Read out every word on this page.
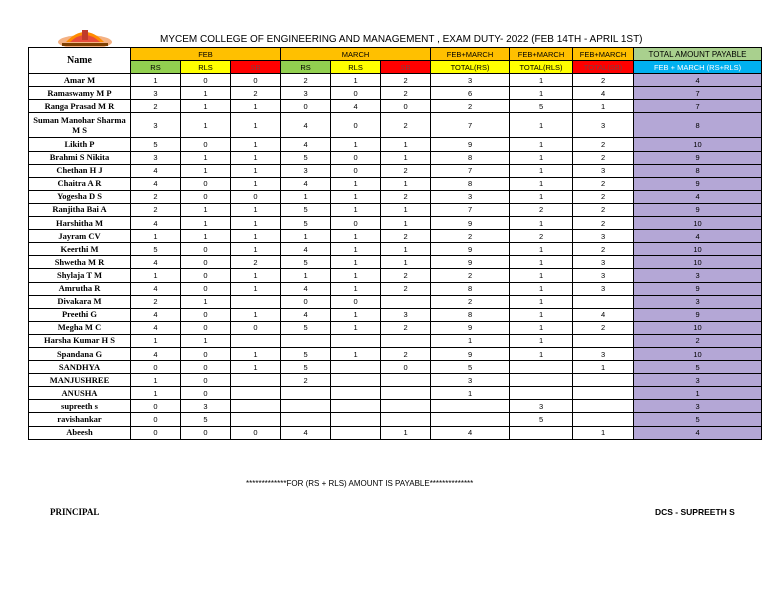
MYCEM COLLEGE OF ENGINEERING AND MANAGEMENT , EXAM DUTY- 2022 (FEB 14TH - APRIL 1ST)
Name	FEB			MARCH			FEB+MARCH	FEB+MARCH	FEB+MARCH	TOTAL AMOUNT PAYABLE
	RS	RLS	SB	RS	RLS	SB	TOTAL(RS)	TOTAL(RLS)	TOTAL(SB)	FEB + MARCH (RS+RLS)
Amar M	1	0	0	2	1	2	3	1	2	4
Ramaswamy M P	3	1	2	3	0	2	6	1	4	7
Ranga Prasad M R	2	1	1	0	4	0	2	5	1	7
Suman Manohar Sharma M S	3	1	1	4	0	2	7	1	3	8
Likith P	5	0	1	4	1	1	9	1	2	10
Brahmi S Nikita	3	1	1	5	0	1	8	1	2	9
Chethan H J	4	1	1	3	0	2	7	1	3	8
Chaitra A R	4	0	1	4	1	1	8	1	2	9
Yogesha D S	2	0	0	1	1	2	3	1	2	4
Ranjitha Bai A	2	1	1	5	1	1	7	2	2	9
Harshitha M	4	1	1	5	0	1	9	1	2	10
Jayram CV	1	1	1	1	1	2	2	2	3	4
Keerthi M	5	0	1	4	1	1	9	1	2	10
Shwetha M R	4	0	2	5	1	1	9	1	3	10
Shylaja T M	1	0	1	1	1	2	2	1	3	3
Amrutha R	4	0	1	4	1	2	8	1	3	9
Divakara M	2	1		0	0		2	1		3
Preethi G	4	0	1	4	1	3	8	1	4	9
Megha M C	4	0	0	5	1	2	9	1	2	10
Harsha Kumar H S	1	1					1	1		2
Spandana G	4	0	1	5	1	2	9	1	3	10
SANDHYA	0	0	1	5		0	5		1	5
MANJUSHREE	1	0		2			3			3
ANUSHA	1	0					1			1
supreeth s	0	3						3		3
ravishankar	0	5						5		5
Abeesh	0	0	0	4		1	4		1	4
*************FOR (RS + RLS) AMOUNT IS PAYABLE**************
PRINCIPAL	DCS - SUPREETH S
